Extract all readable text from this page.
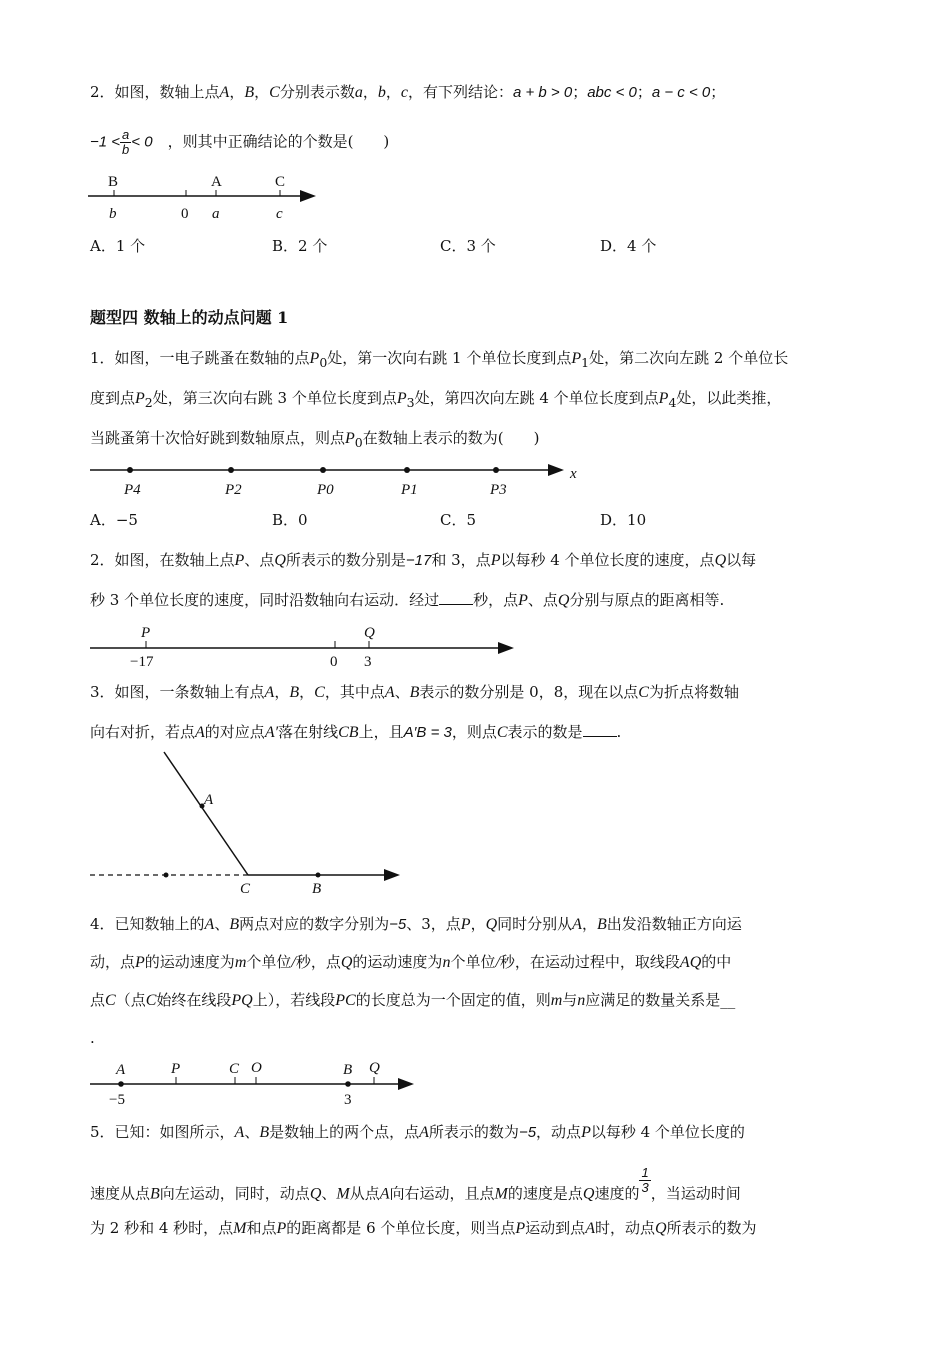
2．如图，数轴上点A，B，C分别表示数a，b，c，有下列结论：a + b > 0；abc < 0；a − c < 0；
$-1 < \frac{a}{b} < 0$　 ，则其中正确结论的个数是(　　)
B	A	C
b	0 a	c
A．1 个	B．2 个	C．3 个	D．4 个
题型四 数轴上的动点问题 1
1．如图，一电子跳蚤在数轴的点$P_0$处，第一次向右跳 1 个单位长度到点$P_1$处，第二次向左跳 2 个单位长
度到点$P_2$处，第三次向右跳 3 个单位长度到点$P_3$处，第四次向左跳 4 个单位长度到点$P_4$处，以此类推，
当跳蚤第十次恰好跳到数轴原点，则点$P_0$在数轴上表示的数为(　　)
x
P4	P2	P0	P1	P3
A．−5	B．0	C．5	D．10
2．如图，在数轴上点P、点Q所表示的数分别是−17和 3，点P以每秒 4 个单位长度的速度，点Q以每
秒 3 个单位长度的速度，同时沿数轴向右运动．经过 秒，点P、点Q分别与原点的距离相等.
P	Q
−17	0 3
3．如图，一条数轴上有点A，B，C，其中点A、B表示的数分别是 0，8，现在以点C为折点将数轴
向右对折，若点A的对应点A′落在射线CB上，且A′B = 3，则点C表示的数是 .
A
C	B
4．已知数轴上的A、B两点对应的数字分别为−5、3，点P，Q同时分别从A，B出发沿数轴正方向运
动，点P的运动速度为m个单位/秒，点Q的运动速度为n个单位/秒，在运动过程中，取线段AQ的中
点C（点C始终在线段PQ上），若线段PC的长度总为一个固定的值，则m与n应满足的数量关系是__
.
A	P	C O	B Q
−5	3
5．已知：如图所示，A、B是数轴上的两个点，点A所表示的数为−5，动点P以每秒 4 个单位长度的
速度从点B向左运动，同时，动点Q、M从点A向右运动，且点M的速度是点Q速度的 $\frac{1}{3}$ ，当运动时间
为 2 秒和 4 秒时，点M和点P的距离都是 6 个单位长度，则当点P运动到点A时，动点Q所表示的数为
